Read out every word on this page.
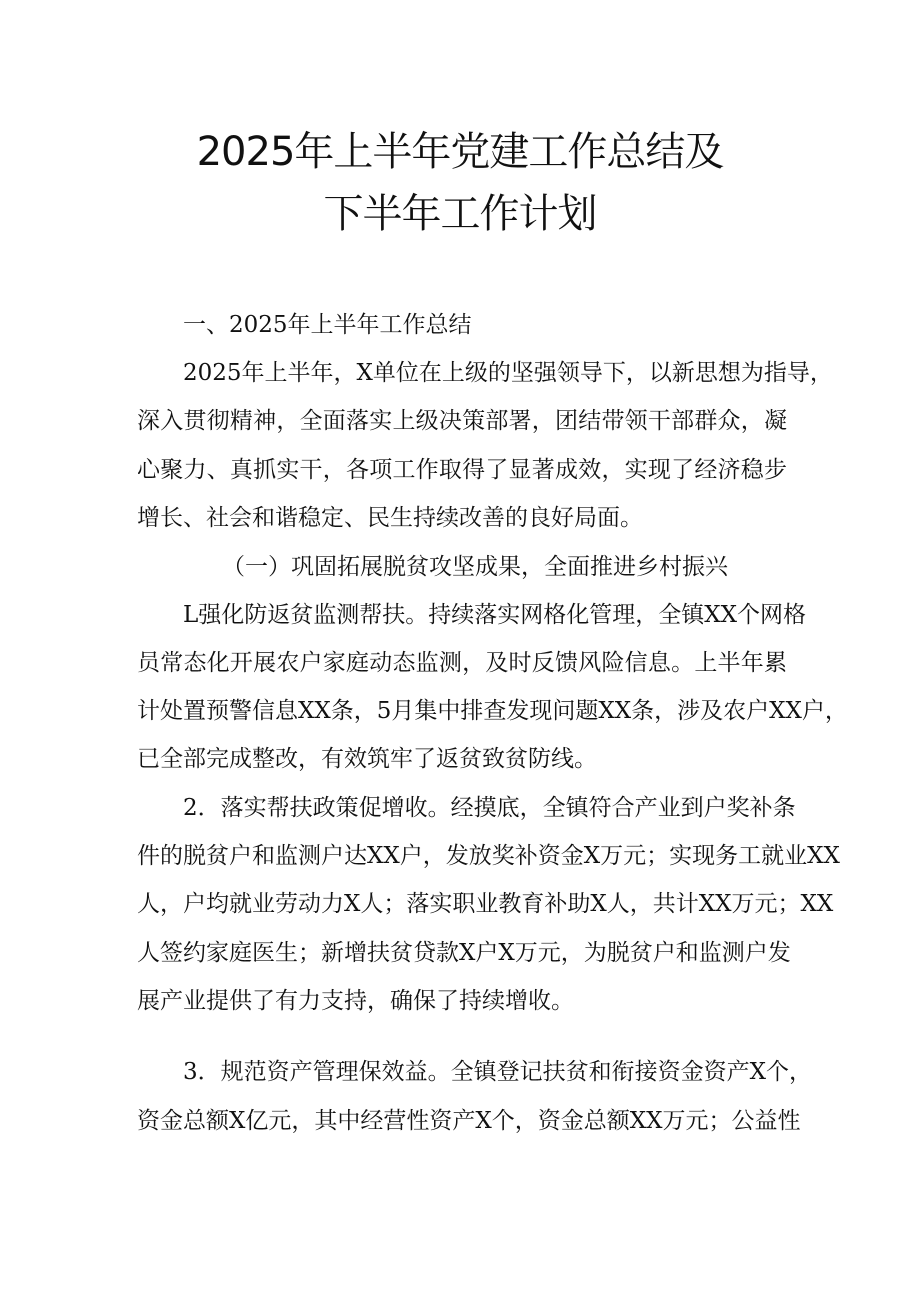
2025年上半年党建工作总结及
下半年工作计划
一、2025年上半年工作总结
2025年上半年，X单位在上级的坚强领导下，以新思想为指导，
深入贯彻精神，全面落实上级决策部署，团结带领干部群众，凝
心聚力、真抓实干，各项工作取得了显著成效，实现了经济稳步
增长、社会和谐稳定、民生持续改善的良好局面。
（一）巩固拓展脱贫攻坚成果，全面推进乡村振兴
L强化防返贫监测帮扶。持续落实网格化管理，全镇XX个网格
员常态化开展农户家庭动态监测，及时反馈风险信息。上半年累
计处置预警信息XX条，5月集中排查发现问题XX条，涉及农户XX户，
已全部完成整改，有效筑牢了返贫致贫防线。
2．落实帮扶政策促增收。经摸底，全镇符合产业到户奖补条
件的脱贫户和监测户达XX户，发放奖补资金X万元；实现务工就业XX
人，户均就业劳动力X人；落实职业教育补助X人，共计XX万元；XX
人签约家庭医生；新增扶贫贷款X户X万元，为脱贫户和监测户发
展产业提供了有力支持，确保了持续增收。
3．规范资产管理保效益。全镇登记扶贫和衔接资金资产X个，
资金总额X亿元，其中经营性资产X个，资金总额XX万元；公益性
